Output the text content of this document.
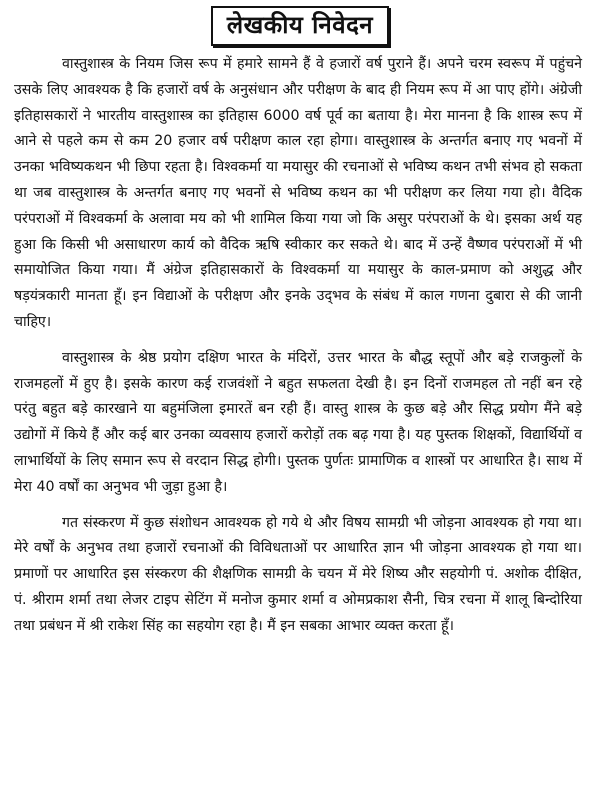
लेखकीय निवेदन

वास्तुशास्त्र के नियम जिस रूप में हमारे सामने हैं वे हजारों वर्ष पुराने हैं। अपने चरम स्वरूप में पहुंचने उसके लिए आवश्यक है कि हजारों वर्ष के अनुसंधान और परीक्षण के बाद ही नियम रूप में आ पाए होंगे। अंग्रेजी इतिहासकारों ने भारतीय वास्तुशास्त्र का इतिहास 6000 वर्ष पूर्व का बताया है। मेरा मानना है कि शास्त्र रूप में आने से पहले कम से कम 20 हजार वर्ष परीक्षण काल रहा होगा। वास्तुशास्त्र के अन्तर्गत बनाए गए भवनों में उनका भविष्यकथन भी छिपा रहता है। विश्वकर्मा या मयासुर की रचनाओं से भविष्य कथन तभी संभव हो सकता था जब वास्तुशास्त्र के अन्तर्गत बनाए गए भवनों से भविष्य कथन का भी परीक्षण कर लिया गया हो। वैदिक परंपराओं में विश्वकर्मा के अलावा मय को भी शामिल किया गया जो कि असुर परंपराओं के थे। इसका अर्थ यह हुआ कि किसी भी असाधारण कार्य को वैदिक ऋषि स्वीकार कर सकते थे। बाद में उन्हें वैष्णव परंपराओं में भी समायोजित किया गया। मैं अंग्रेज इतिहासकारों के विश्वकर्मा या मयासुर के काल-प्रमाण को अशुद्ध और षड़यंत्रकारी मानता हूँ। इन विद्याओं के परीक्षण और इनके उद्‌भव के संबंध में काल गणना दुबारा से की जानी चाहिए।

वास्तुशास्त्र के श्रेष्ठ प्रयोग दक्षिण भारत के मंदिरों, उत्तर भारत के बौद्ध स्तूपों और बड़े राजकुलों के राजमहलों में हुए है। इसके कारण कई राजवंशों ने बहुत सफलता देखी है। इन दिनों राजमहल तो नहीं बन रहे परंतु बहुत बड़े कारखाने या बहुमंजिला इमारतें बन रही हैं। वास्तु शास्त्र के कुछ बड़े और सिद्ध प्रयोग मैंने बड़े उद्योगों में किये हैं और कई बार उनका व्यवसाय हजारों करोड़ों तक बढ़ गया है। यह पुस्तक शिक्षकों, विद्यार्थियों व लाभार्थियों के लिए समान रूप से वरदान सिद्ध होगी। पुस्तक पुर्णतः प्रामाणिक व शास्त्रों पर आधारित है। साथ में मेरा 40 वर्षों का अनुभव भी जुड़ा हुआ है।

गत संस्करण में कुछ संशोधन आवश्यक हो गये थे और विषय सामग्री भी जोड़ना आवश्यक हो गया था। मेरे वर्षों के अनुभव तथा हजारों रचनाओं की विविधताओं पर आधारित ज्ञान भी जोड़ना आवश्यक हो गया था। प्रमाणों पर आधारित इस संस्करण की शैक्षणिक सामग्री के चयन में मेरे शिष्य और सहयोगी पं. अशोक दीक्षित, पं. श्रीराम शर्मा तथा लेजर टाइप सेटिंग में मनोज कुमार शर्मा व ओमप्रकाश सैनी, चित्र रचना में शालू बिन्दोरिया तथा प्रबंधन में श्री राकेश सिंह का सहयोग रहा है। मैं इन सबका आभार व्यक्त करता हूँ।
